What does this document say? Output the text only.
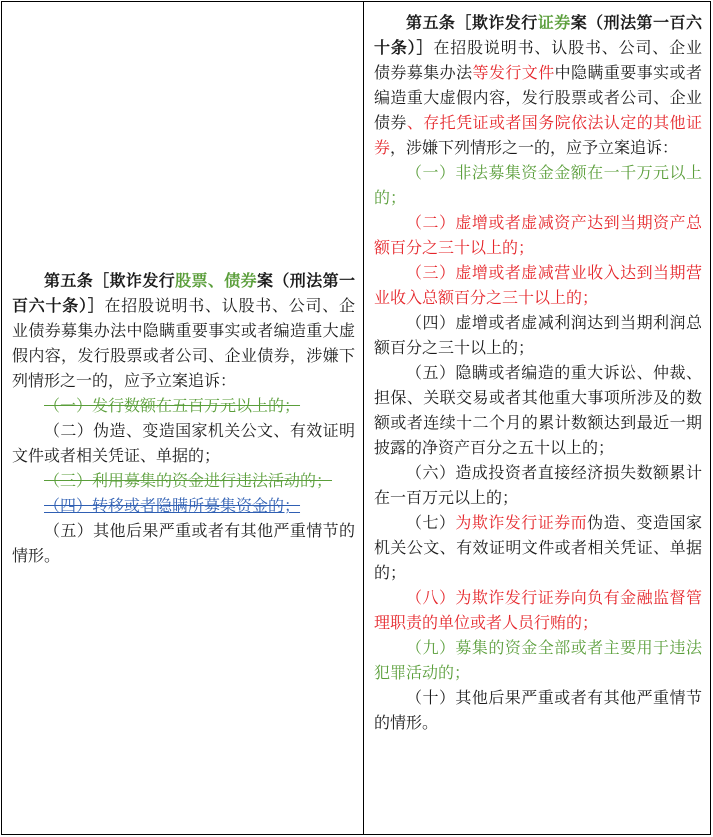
第五条［欺诈发行股票、债券案（刑法第一百六十条）］在招股说明书、认股书、公司、企业债券募集办法中隐瞒重要事实或者编造重大虚假内容，发行股票或者公司、企业债券，涉嫌下列情形之一的，应予立案追诉：

（一）发行数额在五百万元以上的；

（二）伪造、变造国家机关公文、有效证明文件或者相关凭证、单据的；

（三）利用募集的资金进行违法活动的；

（四）转移或者隐瞒所募集资金的；

（五）其他后果严重或者有其他严重情节的情形。

第五条［欺诈发行证券案（刑法第一百六十条）］在招股说明书、认股书、公司、企业债券募集办法等发行文件中隐瞒重要事实或者编造重大虚假内容，发行股票或者公司、企业债券、存托凭证或者国务院依法认定的其他证券，涉嫌下列情形之一的，应予立案追诉：

（一）非法募集资金金额在一千万元以上的；

（二）虚增或者虚减资产达到当期资产总额百分之三十以上的；

（三）虚增或者虚减营业收入达到当期营业收入总额百分之三十以上的；

（四）虚增或者虚减利润达到当期利润总额百分之三十以上的；

（五）隐瞒或者编造的重大诉讼、仲裁、担保、关联交易或者其他重大事项所涉及的数额或者连续十二个月的累计数额达到最近一期披露的净资产百分之五十以上的；

（六）造成投资者直接经济损失数额累计在一百万元以上的；

（七）为欺诈发行证券而伪造、变造国家机关公文、有效证明文件或者相关凭证、单据的；

（八）为欺诈发行证券向负有金融监督管理职责的单位或者人员行贿的；

（九）募集的资金全部或者主要用于违法犯罪活动的；

（十）其他后果严重或者有其他严重情节的情形。
